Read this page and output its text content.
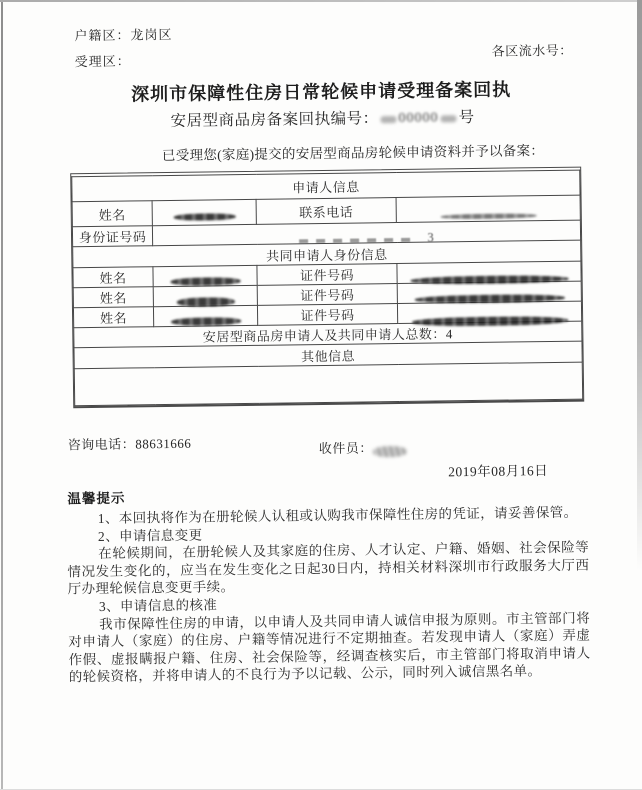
户籍区：龙岗区
受理区：
各区流水号：
深圳市保障性住房日常轮候申请受理备案回执
安居型商品房备案回执编号： 00000 号
已受理您(家庭)提交的安居型商品房轮候申请资料并予以备案：
申请人信息			
姓名		联系电话	
身份证号码	3		
共同申请人身份信息			
姓名		证件号码	
姓名		证件号码	
姓名		证件号码	
安居型商品房申请人及共同申请人总数：4			
其他信息			

咨询电话：88631666	收件员：
2019年08月16日
温馨提示

1、本回执将作为在册轮候人认租或认购我市保障性住房的凭证，请妥善保管。

2、申请信息变更

在轮候期间，在册轮候人及其家庭的住房、人才认定、户籍、婚姻、社会保险等情况发生变化的，应当在发生变化之日起30日内，持相关材料深圳市行政服务大厅西厅办理轮候信息变更手续。

3、申请信息的核准

我市保障性住房的申请，以申请人及共同申请人诚信申报为原则。市主管部门将对申请人（家庭）的住房、户籍等情况进行不定期抽查。若发现申请人（家庭）弄虚作假、虚报瞒报户籍、住房、社会保险等，经调查核实后，市主管部门将取消申请人的轮候资格，并将申请人的不良行为予以记载、公示，同时列入诚信黑名单。
